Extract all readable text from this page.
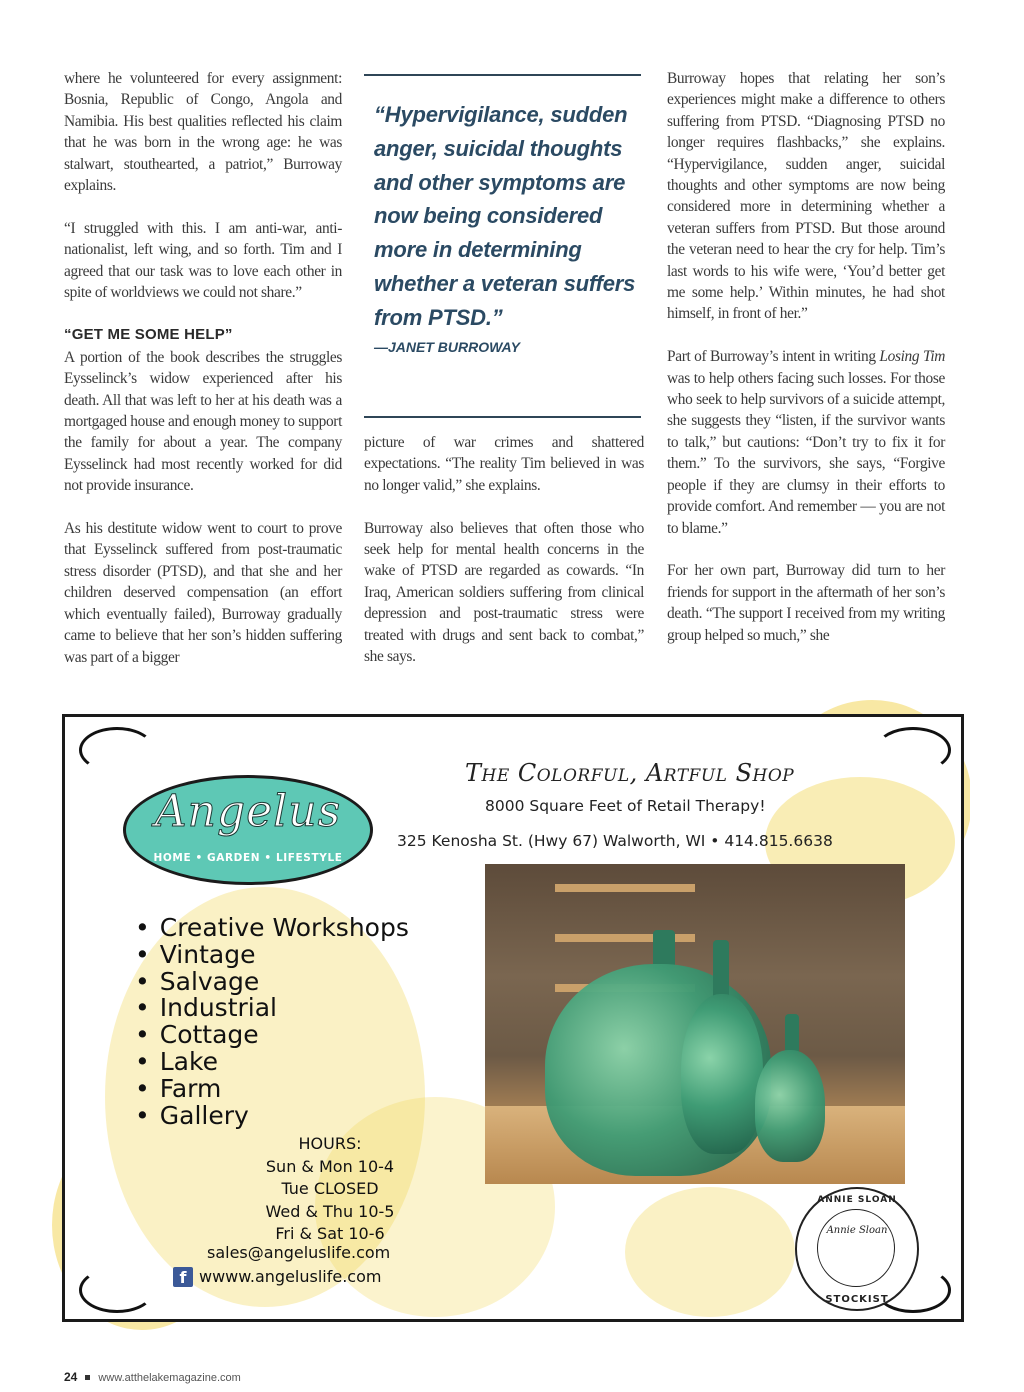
where he volunteered for every assignment: Bosnia, Republic of Congo, Angola and Namibia. His best qualities reflected his claim that he was born in the wrong age: he was stalwart, stouthearted, a patriot,” Burroway explains.

“I struggled with this. I am anti-war, anti-nationalist, left wing, and so forth. Tim and I agreed that our task was to love each other in spite of worldviews we could not share.”

“GET ME SOME HELP”

A portion of the book describes the struggles Eysselinck’s widow experienced after his death. All that was left to her at his death was a mortgaged house and enough money to support the family for about a year. The company Eysselinck had most recently worked for did not provide insurance.

As his destitute widow went to court to prove that Eysselinck suffered from post-traumatic stress disorder (PTSD), and that she and her children deserved compensation (an effort which eventually failed), Burroway gradually came to believe that her son’s hidden suffering was part of a bigger

“Hypervigilance, sudden anger, suicidal thoughts and other symptoms are now being considered more in determining whether a veteran suffers from PTSD.”
—JANET BURROWAY

picture of war crimes and shattered expectations. “The reality Tim believed in was no longer valid,” she explains.

Burroway also believes that often those who seek help for mental health concerns in the wake of PTSD are regarded as cowards. “In Iraq, American soldiers suffering from clinical depression and post-traumatic stress were treated with drugs and sent back to combat,” she says.

Burroway hopes that relating her son’s experiences might make a difference to others suffering from PTSD. “Diagnosing PTSD no longer requires flashbacks,” she explains. “Hypervigilance, sudden anger, suicidal thoughts and other symptoms are now being considered more in determining whether a veteran suffers from PTSD. But those around the veteran need to hear the cry for help. Tim’s last words to his wife were, ‘You’d better get me some help.’ Within minutes, he had shot himself, in front of her.”

Part of Burroway’s intent in writing Losing Tim was to help others facing such losses. For those who seek to help survivors of a suicide attempt, she suggests they “listen, if the survivor wants to talk,” but cautions: “Don’t try to fix it for them.” To the survivors, she says, “Forgive people if they are clumsy in their efforts to provide comfort. And remember — you are not to blame.”

For her own part, Burroway did turn to her friends for support in the aftermath of her son’s death. “The support I received from my writing group helped so much,” she

Angelus
HOME • GARDEN • LIFESTYLE
The Colorful, Artful Shop
8000 Square Feet of Retail Therapy!
325 Kenosha St. (Hwy 67) Walworth, WI • 414.815.6638
• Creative Workshops
• Vintage
• Salvage
• Industrial
• Cottage
• Lake
• Farm
• Gallery
HOURS:
Sun & Mon 10-4
Tue CLOSED
Wed & Thu 10-5
Fri & Sat 10-6
f
sales@angeluslife.com
wwww.angeluslife.com
ANNIE SLOAN
Annie Sloan
STOCKIST
24 www.atthelakemagazine.com
